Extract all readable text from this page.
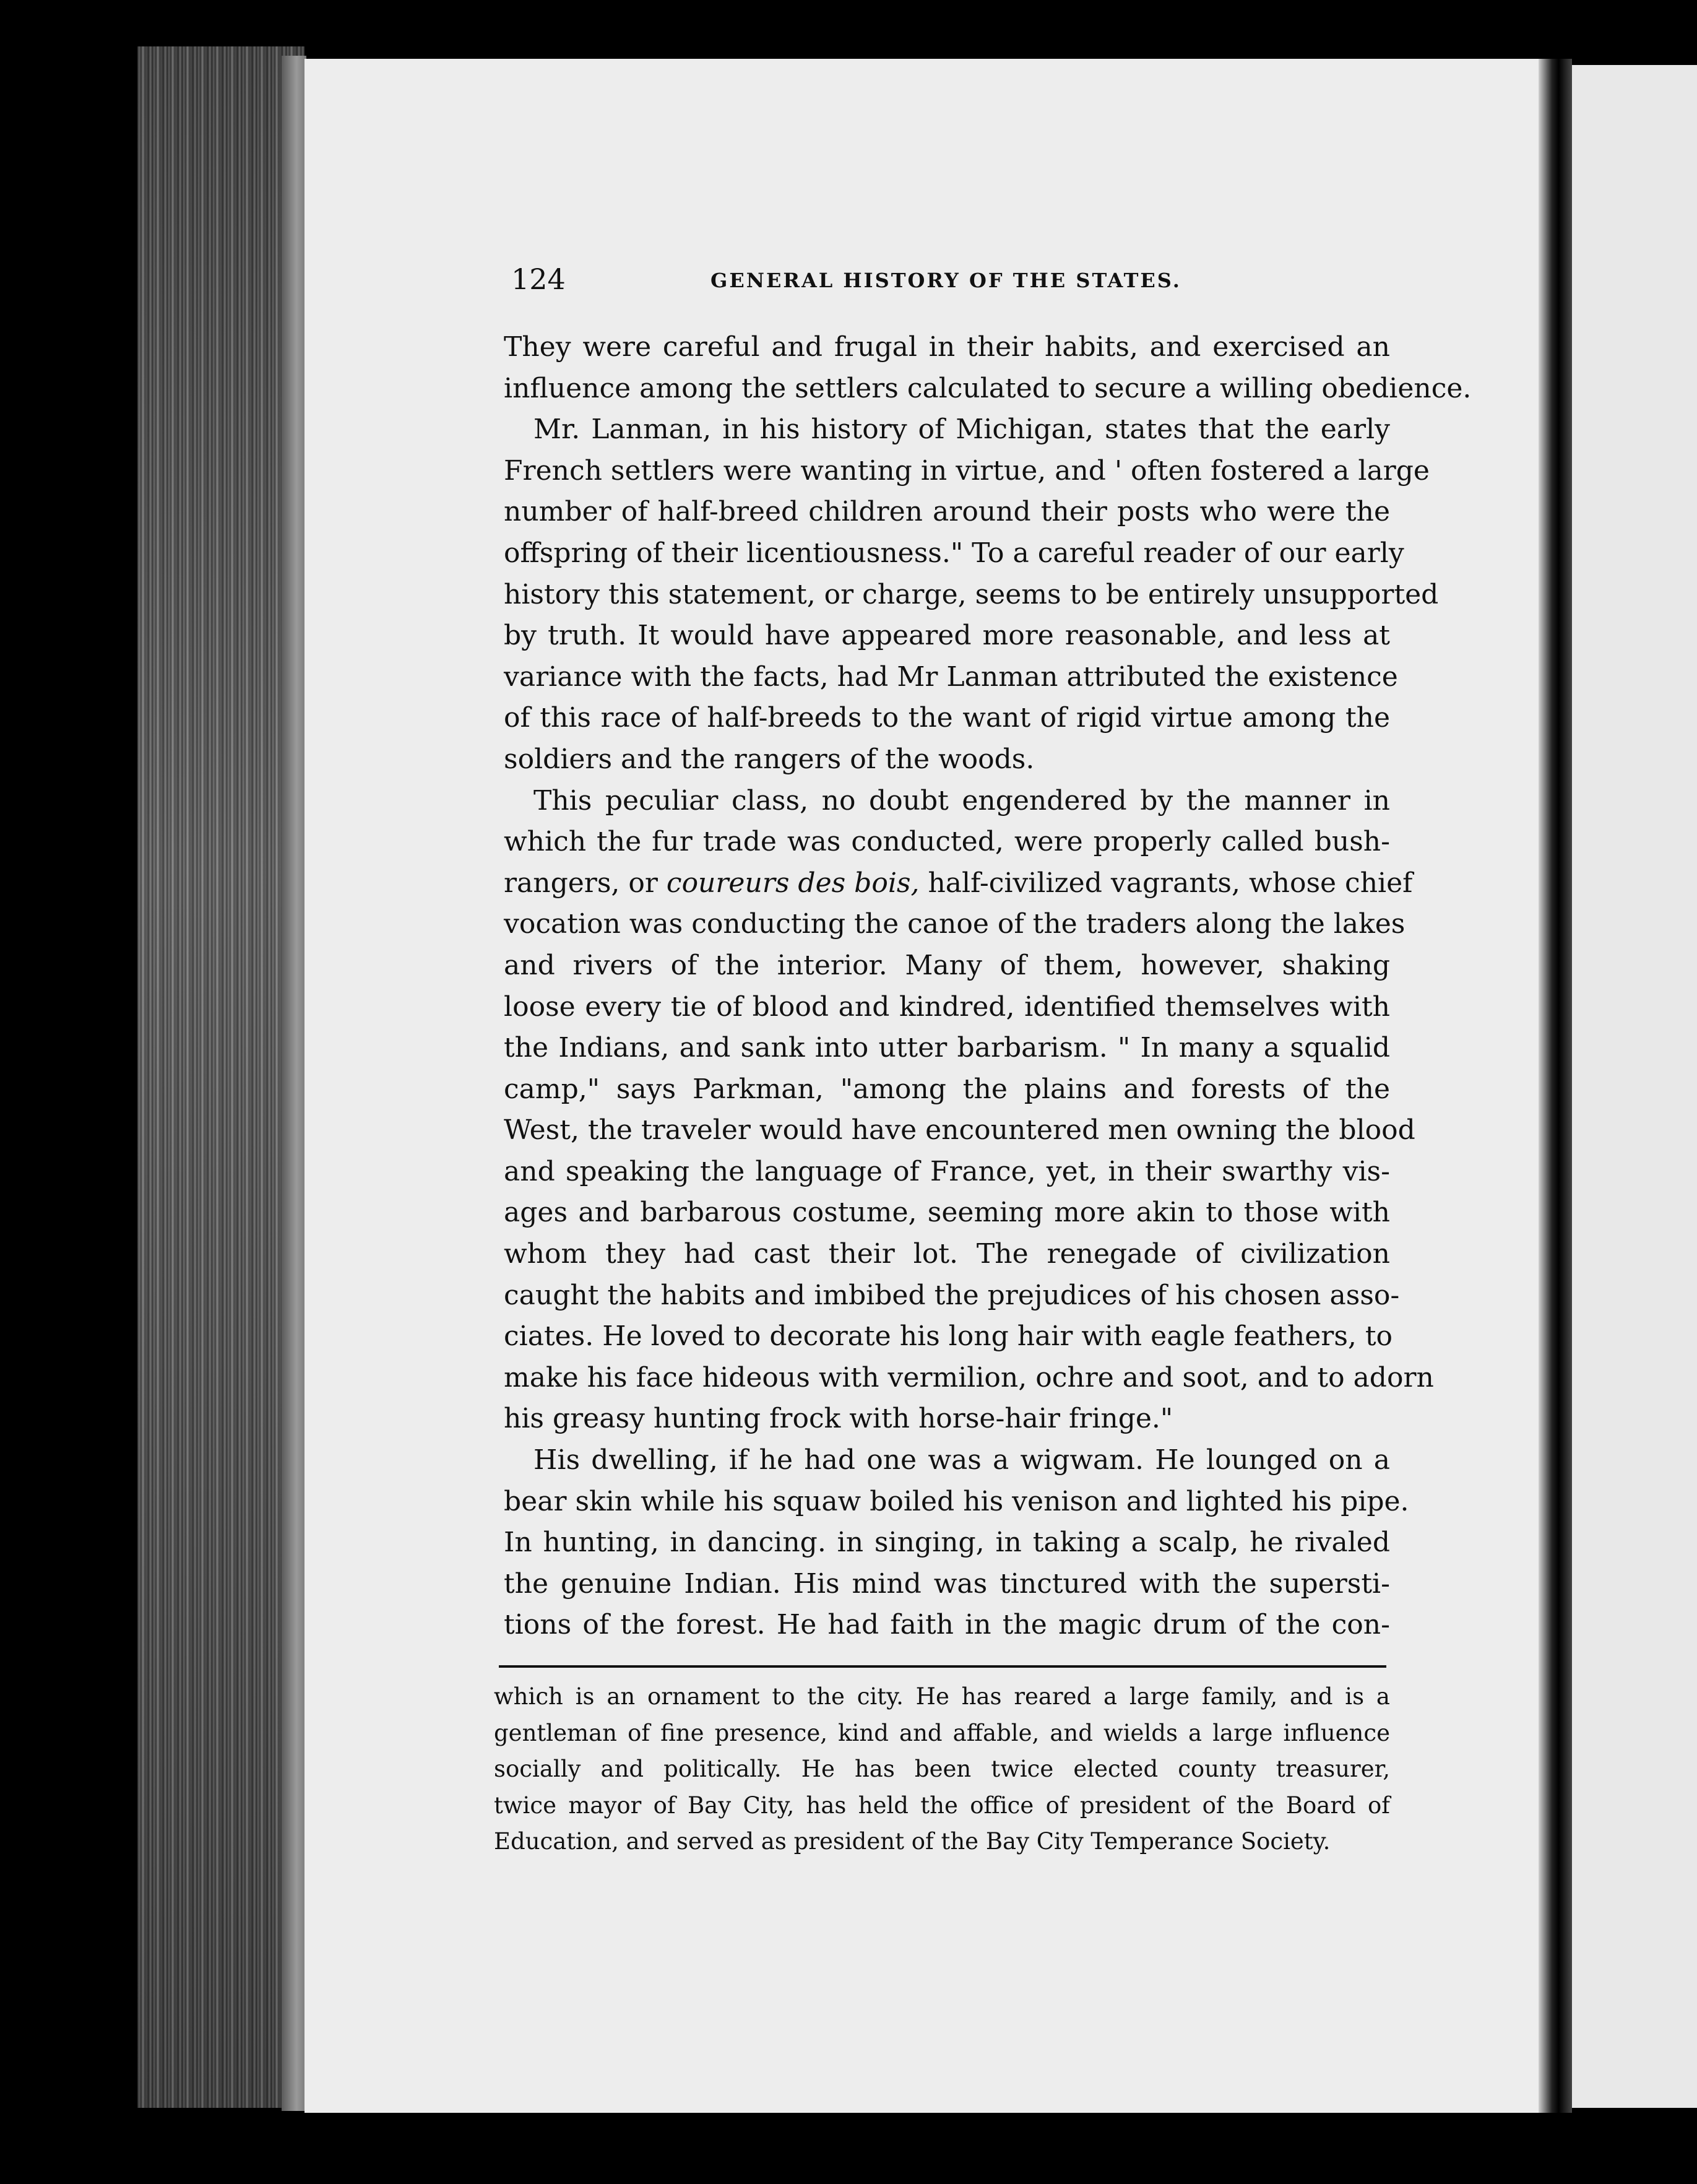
124	GENERAL HISTORY OF THE STATES.
They were careful and frugal in their habits, and exercised an
influence among the settlers calculated to secure a willing obedience.
Mr. Lanman, in his history of Michigan, states that the early
French settlers were wanting in virtue, and ' often fostered a large
number of half-breed children around their posts who were the
offspring of their licentiousness." To a careful reader of our early
history this statement, or charge, seems to be entirely unsupported
by truth. It would have appeared more reasonable, and less at
variance with the facts, had Mr Lanman attributed the existence
of this race of half-breeds to the want of rigid virtue among the
soldiers and the rangers of the woods.
This peculiar class, no doubt engendered by the manner in
which the fur trade was conducted, were properly called bush-
rangers, or coureurs des bois, half-civilized vagrants, whose chief
vocation was conducting the canoe of the traders along the lakes
and rivers of the interior. Many of them, however, shaking
loose every tie of blood and kindred, identified themselves with
the Indians, and sank into utter barbarism. " In many a squalid
camp," says Parkman, "among the plains and forests of the
West, the traveler would have encountered men owning the blood
and speaking the language of France, yet, in their swarthy vis-
ages and barbarous costume, seeming more akin to those with
whom they had cast their lot. The renegade of civilization
caught the habits and imbibed the prejudices of his chosen asso-
ciates. He loved to decorate his long hair with eagle feathers, to
make his face hideous with vermilion, ochre and soot, and to adorn
his greasy hunting frock with horse-hair fringe."
His dwelling, if he had one was a wigwam. He lounged on a
bear skin while his squaw boiled his venison and lighted his pipe.
In hunting, in dancing. in singing, in taking a scalp, he rivaled
the genuine Indian. His mind was tinctured with the supersti-
tions of the forest. He had faith in the magic drum of the con-
which is an ornament to the city. He has reared a large family, and is a
gentleman of fine presence, kind and affable, and wields a large influence
socially and politically. He has been twice elected county treasurer,
twice mayor of Bay City, has held the office of president of the Board of
Education, and served as president of the Bay City Temperance Society.
